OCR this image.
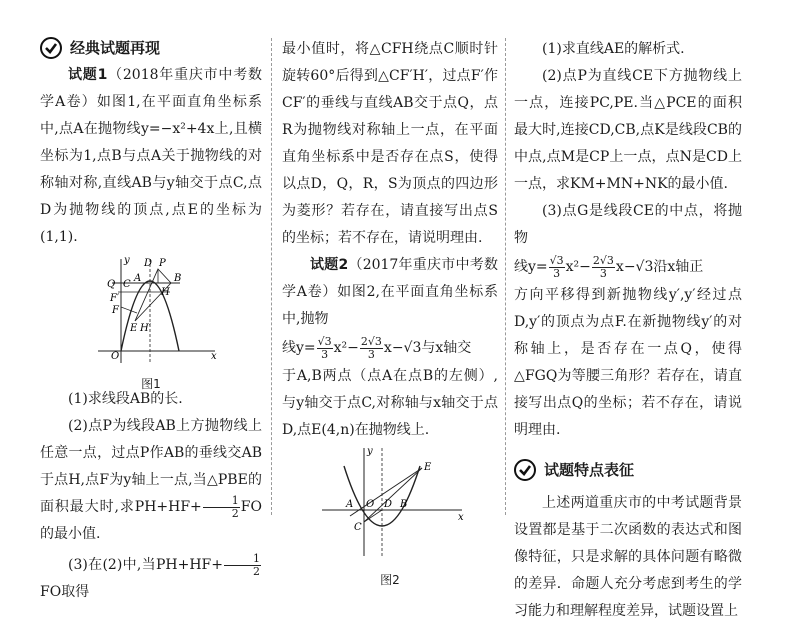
经典试题再现

试题1（2018年重庆市中考数学A卷）如图1,在平面直角坐标系中,点A在抛物线y=−x²+4x上,且横坐标为1,点B与点A关于抛物线的对称轴对称,直线AB与y轴交于点C,点D为抛物线的顶点,点E的坐标为(1,1).

Q C
A
D P
B
F′
F
H
E H′
O	x
y
图1

(1)求线段AB的长.

(2)点P为线段AB上方抛物线上任意一点，过点P作AB的垂线交AB于点H,点F为y轴上一点,当△PBE的面积最大时,求$PH+HF+ \frac{1}{2}$ FO的最小值.

(3)在(2)中,当$PH+HF+ \frac{1}{2}$
FO取得

最小值时，将△CFH绕点C顺时针旋转60°后得到△CF′H′，过点F′作CF′的垂线与直线AB交于点Q，点R为抛物线对称轴上一点，在平面直角坐标系中是否存在点S，使得以点D，Q，R，S为顶点的四边形为菱形？若存在，请直接写出点S的坐标；若不存在，请说明理由.

试题2（2017年重庆市中考数学A卷）如图2,在平面直角坐标系中,抛物

线$y= \frac{√3}{3} x^2- \frac{2√3}{3} x-√3$与x轴交

于A,B两点（点A在点B的左侧）,与y轴交于点C,对称轴与x轴交于点D,点E(4,n)在抛物线上.

A O D B
C
E
x
y
图2

(1)求直线AE的解析式.

(2)点P为直线CE下方抛物线上一点，连接PC,PE.当△PCE的面积最大时,连接CD,CB,点K是线段CB的中点,点M是CP上一点，点N是CD上一点，求KM+MN+NK的最小值.

(3)点G是线段CE的中点，将抛物

线$y= \frac{√3}{3} x^2- \frac{2√3}{3} x-√3$沿x轴正

方向平移得到新抛物线y′,y′经过点D,y′的顶点为点F.在新抛物线y′的对称轴上，是否存在一点Q，使得△FGQ为等腰三角形？若存在，请直接写出点Q的坐标；若不存在，请说明理由.

试题特点表征

上述两道重庆市的中考试题背景设置都是基于二次函数的表达式和图像特征，只是求解的具体问题有略微的差异．命题人充分考虑到考生的学习能力和理解程度差异，试题设置上
